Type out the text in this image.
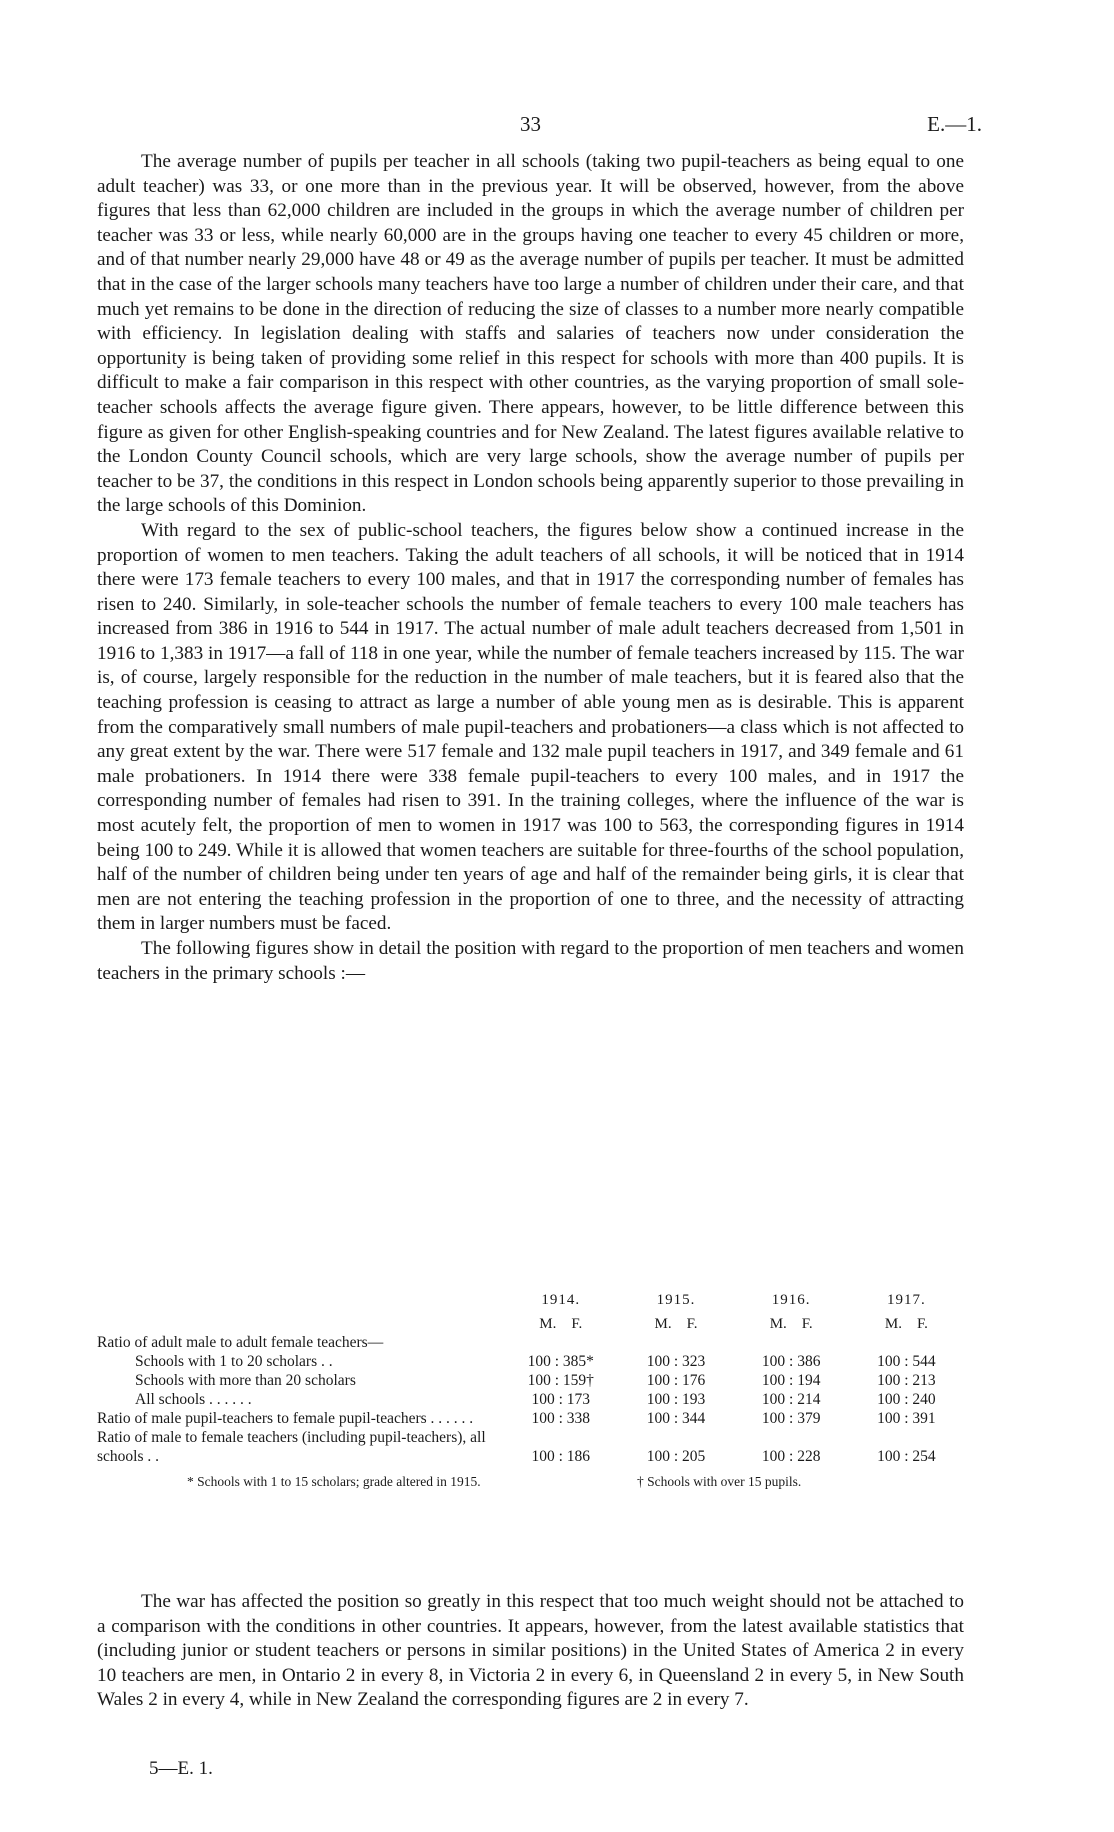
33	E.—1.

The average number of pupils per teacher in all schools (taking two pupil-teachers as being equal to one adult teacher) was 33, or one more than in the previous year. It will be observed, however, from the above figures that less than 62,000 children are included in the groups in which the average number of children per teacher was 33 or less, while nearly 60,000 are in the groups having one teacher to every 45 children or more, and of that number nearly 29,000 have 48 or 49 as the average number of pupils per teacher. It must be admitted that in the case of the larger schools many teachers have too large a number of children under their care, and that much yet remains to be done in the direction of reducing the size of classes to a number more nearly compatible with efficiency. In legislation dealing with staffs and salaries of teachers now under consideration the opportunity is being taken of providing some relief in this respect for schools with more than 400 pupils. It is difficult to make a fair comparison in this respect with other countries, as the varying proportion of small sole-teacher schools affects the average figure given. There appears, however, to be little difference between this figure as given for other English-speaking countries and for New Zealand. The latest figures available relative to the London County Council schools, which are very large schools, show the average number of pupils per teacher to be 37, the conditions in this respect in London schools being apparently superior to those prevailing in the large schools of this Dominion.

With regard to the sex of public-school teachers, the figures below show a continued increase in the proportion of women to men teachers. Taking the adult teachers of all schools, it will be noticed that in 1914 there were 173 female teachers to every 100 males, and that in 1917 the corresponding number of females has risen to 240. Similarly, in sole-teacher schools the number of female teachers to every 100 male teachers has increased from 386 in 1916 to 544 in 1917. The actual number of male adult teachers decreased from 1,501 in 1916 to 1,383 in 1917—a fall of 118 in one year, while the number of female teachers increased by 115. The war is, of course, largely responsible for the reduction in the number of male teachers, but it is feared also that the teaching profession is ceasing to attract as large a number of able young men as is desirable. This is apparent from the comparatively small numbers of male pupil-teachers and probationers—a class which is not affected to any great extent by the war. There were 517 female and 132 male pupil teachers in 1917, and 349 female and 61 male probationers. In 1914 there were 338 female pupil-teachers to every 100 males, and in 1917 the corresponding number of females had risen to 391. In the training colleges, where the influence of the war is most acutely felt, the proportion of men to women in 1917 was 100 to 563, the corresponding figures in 1914 being 100 to 249. While it is allowed that women teachers are suitable for three-fourths of the school population, half of the number of children being under ten years of age and half of the remainder being girls, it is clear that men are not entering the teaching profession in the proportion of one to three, and the necessity of attracting them in larger numbers must be faced.

The following figures show in detail the position with regard to the proportion of men teachers and women teachers in the primary schools :—

	1914.	1915.	1916.	1917.
	M.    F.	M.    F.	M.    F.	M.    F.
Ratio of adult male to adult female teachers—				
Schools with 1 to 20 scholars . .	100 : 385*	100 : 323	100 : 386	100 : 544
Schools with more than 20 scholars	100 : 159†	100 : 176	100 : 194	100 : 213
All schools . . . . . .	100 : 173	100 : 193	100 : 214	100 : 240
Ratio of male pupil-teachers to female pupil-teachers . . . . . .	100 : 338	100 : 344	100 : 379	100 : 391
Ratio of male to female teachers (including pupil-teachers), all schools . .	100 : 186	100 : 205	100 : 228	100 : 254
* Schools with 1 to 15 scholars; grade altered in 1915.	† Schools with over 15 pupils.

The war has affected the position so greatly in this respect that too much weight should not be attached to a comparison with the conditions in other countries. It appears, however, from the latest available statistics that (including junior or student teachers or persons in similar positions) in the United States of America 2 in every 10 teachers are men, in Ontario 2 in every 8, in Victoria 2 in every 6, in Queensland 2 in every 5, in New South Wales 2 in every 4, while in New Zealand the corresponding figures are 2 in every 7.

5—E. 1.
